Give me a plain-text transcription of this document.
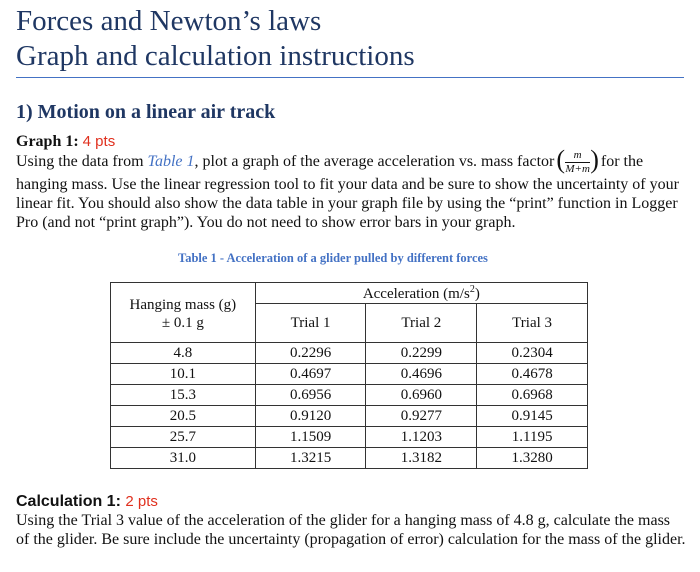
Forces and Newton’s laws
Graph and calculation instructions
1) Motion on a linear air track
Graph 1: 4 pts
Using the data from Table 1, plot a graph of the average acceleration vs. mass factor ( $\frac{m}{M+m}$
) for the hanging mass. Use the linear regression tool to fit your data and be sure to show the uncertainty of your linear fit. You should also show the data table in your graph file by using the “print” function in Logger Pro (and not “print graph”). You do not need to show error bars in your graph.
Table 1 - Acceleration of a glider pulled by different forces
Hanging mass (g)
± 0.1 g	Acceleration $(m/s^2)$		
	Trial 1	Trial 2	Trial 3
4.8	0.2296	0.2299	0.2304
10.1	0.4697	0.4696	0.4678
15.3	0.6956	0.6960	0.6968
20.5	0.9120	0.9277	0.9145
25.7	1.1509	1.1203	1.1195
31.0	1.3215	1.3182	1.3280
Calculation 1: 2 pts
Using the Trial 3 value of the acceleration of the glider for a hanging mass of 4.8 g, calculate the mass of the glider. Be sure include the uncertainty (propagation of error) calculation for the mass of the glider.
